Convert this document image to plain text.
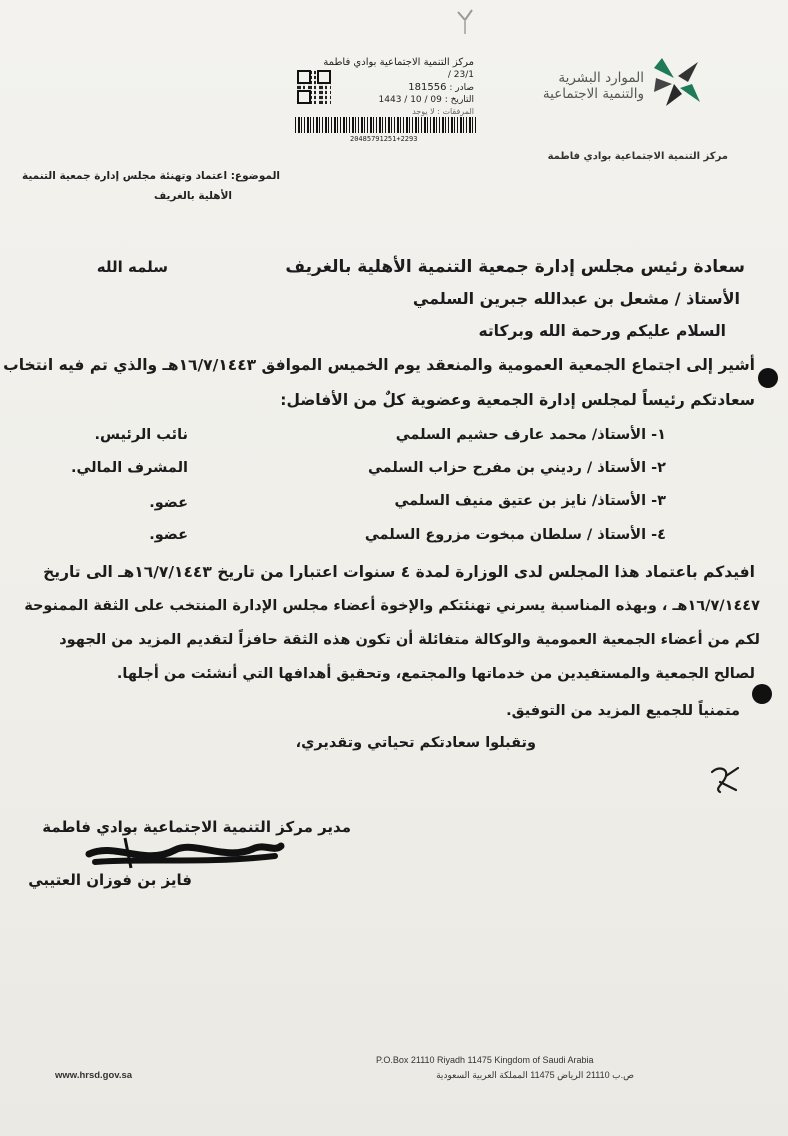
الموارد البشرية
والتنمية الاجتماعية
مركز التنمية الاجتماعية بوادي فاطمة
مركز التنمية الاجتماعية بوادي فاطمة
/ 23/1
صادر : 181556
التاريخ : 1443 / 10 / 09
المرفقات : لا يوجد
20485791251+2293
الموضوع: اعتماد وتهنئة مجلس إدارة جمعية التنمية
الأهلية بالغريف
سعادة رئيس مجلس إدارة جمعية التنمية الأهلية بالغريف
سلمه الله
الأستاذ / مشعل بن عبدالله جبرين السلمي
السلام عليكم ورحمة الله وبركاته
أشير إلى اجتماع الجمعية العمومية والمنعقد يوم الخميس الموافق ١٦/٧/١٤٤٣هـ والذي تم فيه انتخاب
سعادتكم رئيساً لمجلس إدارة الجمعية وعضوية كلٌ من الأفاضل:
١- الأستاذ/ محمد عارف حشيم السلمي
نائب الرئيس.
٢- الأستاذ / رديني بن مفرح حزاب السلمي
المشرف المالي.
٣- الأستاذ/ نايز بن عتيق منيف السلمي
عضو.
٤- الأستاذ / سلطان مبخوت مزروع السلمي
عضو.
افيدكم باعتماد هذا المجلس لدى الوزارة لمدة ٤ سنوات اعتبارا من تاريخ ١٦/٧/١٤٤٣هـ الى تاريخ
١٦/٧/١٤٤٧هـ ، وبهذه المناسبة يسرني تهنئتكم والإخوة أعضاء مجلس الإدارة المنتخب على الثقة الممنوحة
لكم من أعضاء الجمعية العمومية والوكالة متفائلة أن تكون هذه الثقة حافزاً لتقديم المزيد من الجهود
لصالح الجمعية والمستفيدين من خدماتها والمجتمع، وتحقيق أهدافها التي أنشئت من أجلها.
متمنياً للجميع المزيد من التوفيق.
وتقبلوا سعادتكم تحياتي وتقديري،
مدير مركز التنمية الاجتماعية بوادي فاطمة
فايز بن فوزان العتيبي
www.hrsd.gov.sa
P.O.Box 21110 Riyadh 11475 Kingdom of Saudi Arabia
ص.ب 21110 الرياض 11475 المملكة العربية السعودية
